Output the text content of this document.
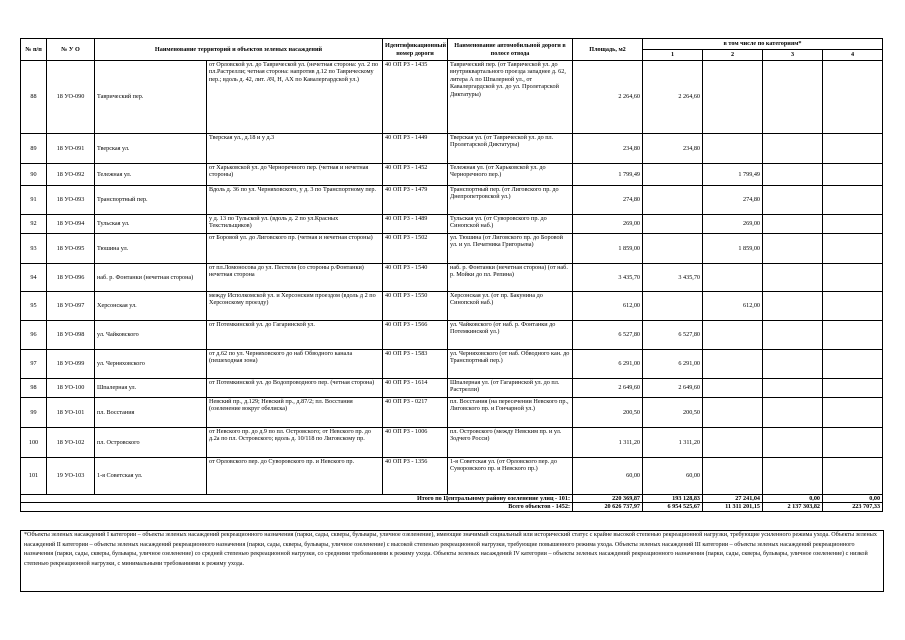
№ п/п	№ У О	Наименование территорий и объектов зеленых насаждений		Идентификационный номер дороги	Наименование автомобильной дороги в полосе отвода	Площадь, м2	в том числе по категориям*			
							1	2	3	4
88	18 УО-090	Таврический пер.	от Орловской ул. до Таврической ул. (нечетная сторона: ул. 2 по пл.Растрелли; четная сторона: напротив д.12 по Таврическому пер.; вдоль д. 42, лит. АЧ, Н, АХ по Кавалергардской ул.)	40 ОП РЗ - 1435	Таврический пер. (от Таврической ул. до внутриквартального проезда западнее д. 62, литера А по Шпалерной ул., от Кавалергардской ул. до ул. Пролетарской Диктатуры)	2 264,60	2 264,60			
89	18 УО-091	Тверская ул.	Тверская ул., д.18 и у д.3	40 ОП РЗ - 1449	Тверская ул. (от Таврической ул. до пл. Пролетарской Диктатуры)	234,80	234,80			
90	18 УО-092	Тележная ул.	от Харьковской ул. до Черноречного пер. (четная и нечетная стороны)	40 ОП РЗ - 1452	Тележная ул. (от Харьковской ул. до Черноречного пер.)	1 799,49		1 799,49		
91	18 УО-093	Транспортный пер.	Вдоль д. 36 по ул. Черняховского, у д. 3 по Транспортному пер.	40 ОП РЗ - 1479	Транспортный пер. (от Лиговского пр. до Днепропетровской ул.)	274,80		274,80		
92	18 УО-094	Тульская ул.	у д. 13 по Тульской ул. (вдоль д. 2 по ул.Красных Текстильщиков)	40 ОП РЗ - 1489	Тульская ул. (от Суворовского пр. до Синопской наб.)	269,00		269,00		
93	18 УО-095	Тюшина ул.	от Боровой ул. до Лиговского пр. (четная и нечетная стороны)	40 ОП РЗ - 1502	ул. Тюшина (от Лиговского пр. до Боровой ул. и ул. Печатника Григорьева)	1 859,00		1 859,00		
94	18 УО-096	наб. р. Фонтанки (нечетная сторона)	от пл.Ломоносова до ул. Пестеля (со стороны р.Фонтанки) нечетная сторона	40 ОП РЗ - 1540	наб. р. Фонтанки (нечетная сторона) (от наб. р. Мойки до пл. Репина)	3 435,70	3 435,70			
95	18 УО-097	Херсонская ул.	между Исполкомской ул. и Херсонским проездом (вдоль д 2 по Херсонскому проезду)	40 ОП РЗ - 1550	Херсонская ул. (от пр. Бакунина до Синопской наб.)	612,00		612,00		
96	18 УО-098	ул. Чайковского	от Потемкинской ул. до Гагаринской ул.	40 ОП РЗ - 1566	ул. Чайковского (от наб. р. Фонтанки до Потемкинской ул.)	6 527,80	6 527,80			
97	18 УО-099	ул. Черняховского	от д.62 по ул. Черняховского до наб Обводного канала (пешеходная зона)	40 ОП РЗ - 1583	ул. Черняховского (от наб. Обводного кан. до Транспортный пер.)	6 291,00	6 291,00			
98	18 УО-100	Шпалерная ул.	от Потемкинской ул. до Водопроводного пер. (четная сторона)	40 ОП РЗ - 1614	Шпалерная ул. (от Гагаринской ул. до пл. Растрелли)	2 649,60	2 649,60			
99	18 УО-101	пл. Восстания	Невский пр., д.129; Невский пр., д.87/2; пл. Восстания (озеленение вокруг обелиска)	40 ОП РЗ - 0217	пл. Восстания (на пересечении Невского пр., Лиговского пр. и Гончарной ул.)	200,50	200,50			
100	18 УО-102	пл. Островского	от Невского пр. до д.9 по пл. Островского; от Невского пр. до д.2а по пл. Островского; вдоль д. 10/118 по Лиговскому пр.	40 ОП РЗ - 1006	пл. Островского (между Невским пр. и ул. Зодчего Росси)	1 311,20	1 311,20			
101	19 УО-103	1-я Советская ул.	от Орловского пер. до Суворовского пр. и Невского пр.	40 ОП РЗ - 1356	1-я Советская ул. (от Орловского пер. до Суворовского пр. и Невского пр.)	60,00	60,00			
Итого по Центральному району озеленение улиц - 101:						220 369,87	193 128,83	27 241,04	0,00	0,00
Всего объектов - 1452:						20 626 737,97	6 954 525,67	11 311 201,15	2 137 303,82	223 707,33
*Объекты зеленых насаждений I категории – объекты зеленых насаждений рекреационного назначения (парки, сады, скверы, бульвары, уличное озеленение), имеющие значимый социальный или исторический статус с крайне высокой степенью рекреационной нагрузки, требующие усиленного режима ухода. Объекты зеленых насаждений II категории – объекты зеленых насаждений рекреационного назначения (парки, сады, скверы, бульвары, уличное озеленение) с высокой степенью рекреационной нагрузки, требующие повышенного режима ухода. Объекты зеленых насаждений III категории – объекты зеленых насаждений рекреационного назначения (парки, сады, скверы, бульвары, уличное озеленение) со средней степенью рекреационной нагрузки, со средними требованиями к режиму ухода. Объекты зеленых насаждений IV категории – объекты зеленых насаждений рекреационного назначения (парки, сады, скверы, бульвары, уличное озеленение) с низкой степенью рекреационной нагрузки, с минимальными требованиями к режиму ухода.
